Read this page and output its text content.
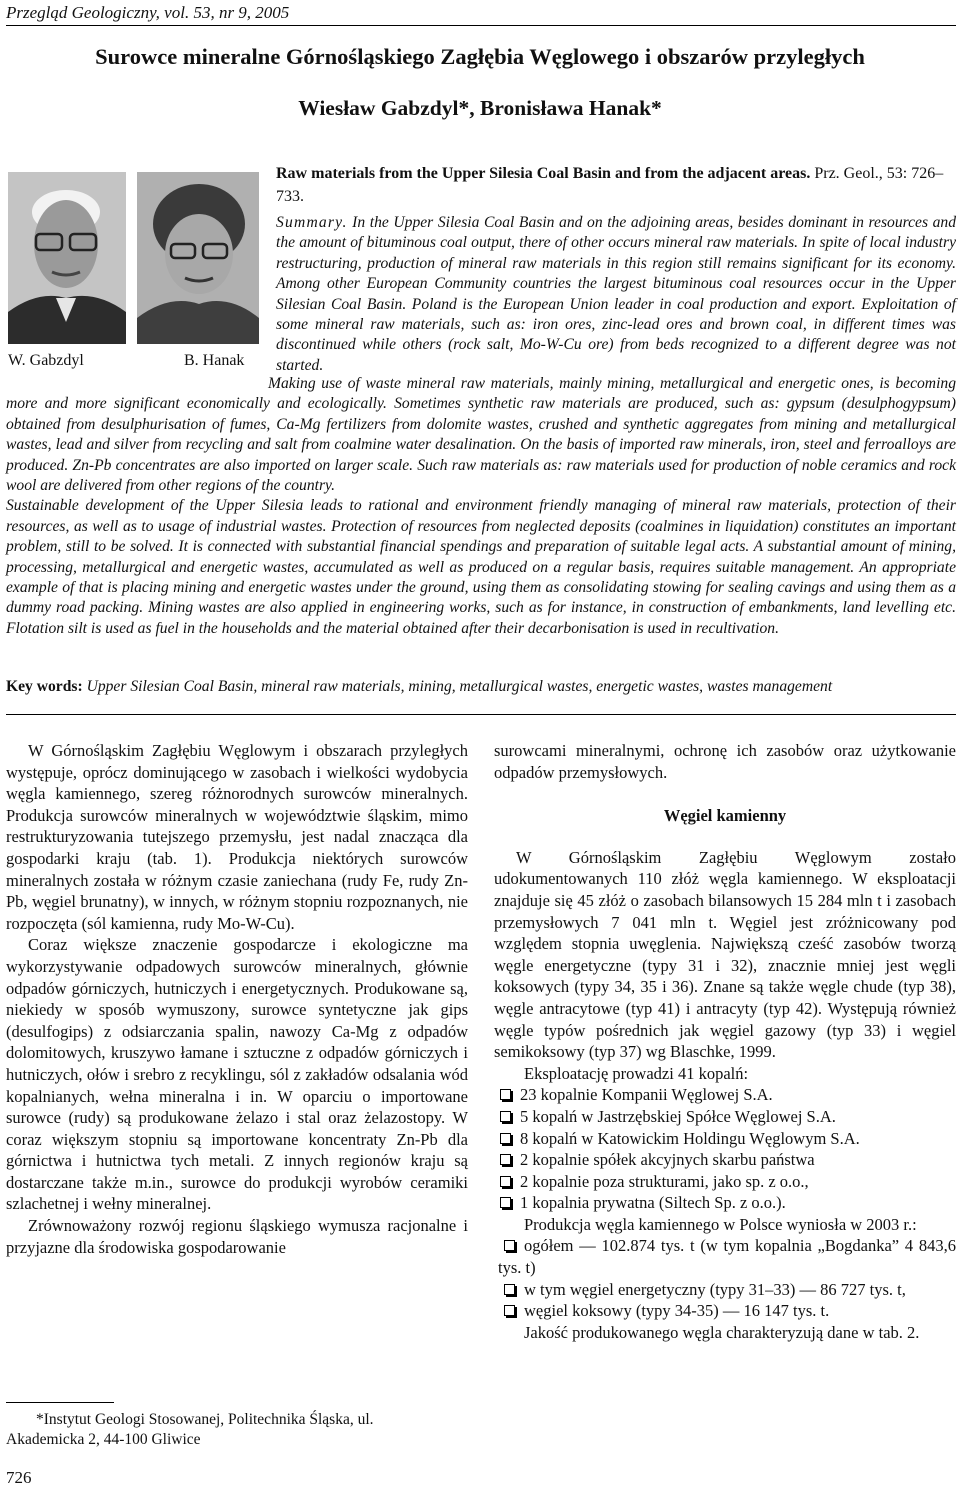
Przegląd Geologiczny, vol. 53, nr 9, 2005
Surowce mineralne Górnośląskiego Zagłębia Węglowego i obszarów przyległych
Wiesław Gabzdyl*, Bronisława Hanak*
W. Gabzdyl	B. Hanak
Raw materials from the Upper Silesia Coal Basin and from the adjacent areas. Prz. Geol., 53: 726–733.
Summary. In the Upper Silesia Coal Basin and on the adjoining areas, besides dominant in resources and the amount of bituminous coal output, there of other occurs mineral raw materials. In spite of local industry restructuring, production of mineral raw materials in this region still remains significant for its economy. Among other European Community countries the largest bituminous coal resources occur in the Upper Silesian Coal Basin. Poland is the European Union leader in coal production and export. Exploitation of some mineral raw materials, such as: iron ores, zinc-lead ores and brown coal, in different times was discontinued while others (rock salt, Mo-W-Cu ore) from beds recognized to a different degree was not started.

Making use of waste mineral raw materials, mainly mining, metallurgical and energetic ones, is becoming more and more significant economically and ecologically. Sometimes synthetic raw materials are produced, such as: gypsum (desulphogypsum) obtained from desulphurisation of fumes, Ca-Mg fertilizers from dolomite wastes, crushed and synthetic aggregates from mining and metallurgical wastes, lead and silver from recycling and salt from coalmine water desalination. On the basis of imported raw minerals, iron, steel and ferroalloys are produced. Zn-Pb concentrates are also imported on larger scale. Such raw materials as: raw materials used for production of noble ceramics and rock wool are delivered from other regions of the country.

Sustainable development of the Upper Silesia leads to rational and environment friendly managing of mineral raw materials, protection of their resources, as well as to usage of industrial wastes. Protection of resources from neglected deposits (coalmines in liquidation) constitutes an important problem, still to be solved. It is connected with substantial financial spendings and preparation of suitable legal acts. A substantial amount of mining, processing, metallurgical and energetic wastes, accumulated as well as produced on a regular basis, requires suitable management. An appropriate example of that is placing mining and energetic wastes under the ground, using them as consolidating stowing for sealing cavings and using them as a dummy road packing. Mining wastes are also applied in engineering works, such as for instance, in construction of embankments, land levelling etc. Flotation silt is used as fuel in the households and the material obtained after their decarbonisation is used in recultivation.

Key words: Upper Silesian Coal Basin, mineral raw materials, mining, metallurgical wastes, energetic wastes, wastes management

W Górnośląskim Zagłębiu Węglowym i obszarach przyległych występuje, oprócz dominującego w zasobach i wielkości wydobycia węgla kamiennego, szereg różnorodnych surowców mineralnych. Produkcja surowców mineralnych w województwie śląskim, mimo restrukturyzowania tutejszego przemysłu, jest nadal znacząca dla gospodarki kraju (tab. 1). Produkcja niektórych surowców mineralnych została w różnym czasie zaniechana (rudy Fe, rudy Zn-Pb, węgiel brunatny), w innych, w różnym stopniu rozpoznanych, nie rozpoczęta (sól kamienna, rudy Mo-W-Cu).

Coraz większe znaczenie gospodarcze i ekologiczne ma wykorzystywanie odpadowych surowców mineralnych, głównie odpadów górniczych, hutniczych i energetycznych. Produkowane są, niekiedy w sposób wymuszony, surowce syntetyczne jak gips (desulfogips) z odsiarczania spalin, nawozy Ca-Mg z odpadów dolomitowych, kruszywo łamane i sztuczne z odpadów górniczych i hutniczych, ołów i srebro z recyklingu, sól z zakładów odsalania wód kopalnianych, wełna mineralna i in. W oparciu o importowane surowce (rudy) są produkowane żelazo i stal oraz żelazostopy. W coraz większym stopniu są importowane koncentraty Zn-Pb dla górnictwa i hutnictwa tych metali. Z innych regionów kraju są dostarczane także m.in., surowce do produkcji wyrobów ceramiki szlachetnej i wełny mineralnej.

Zrównoważony rozwój regionu śląskiego wymusza racjonalne i przyjazne dla środowiska gospodarowanie

*Instytut Geologi Stosowanej, Politechnika Śląska, ul. Akademicka 2, 44-100 Gliwice
726

surowcami mineralnymi, ochronę ich zasobów oraz użytkowanie odpadów przemysłowych.

Węgiel kamienny

W Górnośląskim Zagłębiu Węglowym zostało udokumentowanych 110 złóż węgla kamiennego. W eksploatacji znajduje się 45 złóż o zasobach bilansowych 15 284 mln t i zasobach przemysłowych 7 041 mln t. Węgiel jest zróżnicowany pod względem stopnia uwęglenia. Największą cześć zasobów tworzą węgle energetyczne (typy 31 i 32), znacznie mniej jest węgli koksowych (typy 34, 35 i 36). Znane są także węgle chude (typ 38), węgle antracytowe (typ 41) i antracyty (typ 42). Występują również węgle typów pośrednich jak węgiel gazowy (typ 33) i węgiel semikoksowy (typ 37) wg Blaschke, 1999.

Eksploatację prowadzi 41 kopalń:

23 kopalnie Kompanii Węglowej S.A.
5 kopalń w Jastrzębskiej Spółce Węglowej S.A.
8 kopalń w Katowickim Holdingu Węglowym S.A.
2 kopalnie spółek akcyjnych skarbu państwa
2 kopalnie poza strukturami, jako sp. z o.o.,
1 kopalnia prywatna (Siltech Sp. z o.o.).

Produkcja węgla kamiennego w Polsce wyniosła w 2003 r.:

ogółem — 102.874 tys. t (w tym kopalnia „Bogdanka” 4 843,6 tys. t)
w tym węgiel energetyczny (typy 31–33) — 86 727 tys. t,
węgiel koksowy (typy 34-35) — 16 147 tys. t.

Jakość produkowanego węgla charakteryzują dane w tab. 2.
